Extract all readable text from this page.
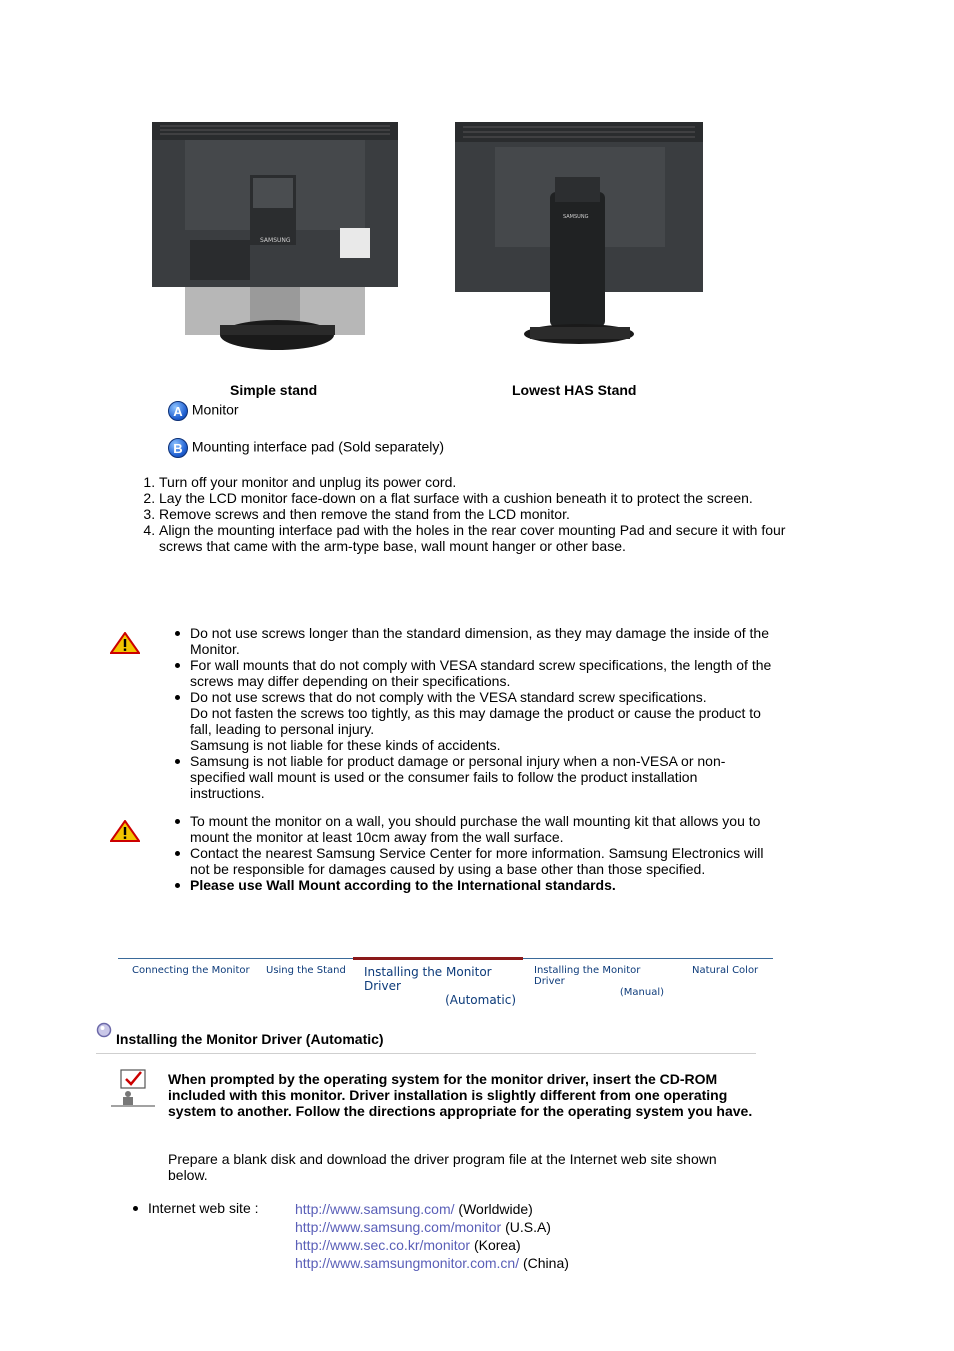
SAMSUNG
SAMSUNG
Simple stand	Lowest HAS Stand
A Monitor
B Mounting interface pad (Sold separately)
1. Turn off your monitor and unplug its power cord.
2. Lay the LCD monitor face-down on a flat surface with a cushion beneath it to protect the screen.
3. Remove screws and then remove the stand from the LCD monitor.
4. Align the mounting interface pad with the holes in the rear cover mounting Pad and secure it with four screws that came with the arm-type base, wall mount hanger or other base.
Do not use screws longer than the standard dimension, as they may damage the inside of the Monitor.
For wall mounts that do not comply with VESA standard screw specifications, the length of the screws may differ depending on their specifications.
Do not use screws that do not comply with the VESA standard screw specifications.
Do not fasten the screws too tightly, as this may damage the product or cause the product to fall, leading to personal injury.
Samsung is not liable for these kinds of accidents.
Samsung is not liable for product damage or personal injury when a non-VESA or non-specified wall mount is used or the consumer fails to follow the product installation instructions.
To mount the monitor on a wall, you should purchase the wall mounting kit that allows you to mount the monitor at least 10cm away from the wall surface.
Contact the nearest Samsung Service Center for more information. Samsung Electronics will not be responsible for damages caused by using a base other than those specified.
Please use Wall Mount according to the International standards.
Connecting the Monitor Using the Stand Installing the Monitor Driver
(Automatic)
Installing the Monitor Driver
(Manual)
Natural Color
Installing the Monitor Driver (Automatic)
When prompted by the operating system for the monitor driver, insert the CD-ROM included with this monitor. Driver installation is slightly different from one operating system to another. Follow the directions appropriate for the operating system you have.
Prepare a blank disk and download the driver program file at the Internet web site shown below.
Internet web site :	http://www.samsung.com/ (Worldwide)
http://www.samsung.com/monitor (U.S.A)
http://www.sec.co.kr/monitor (Korea)
http://www.samsungmonitor.com.cn/ (China)
